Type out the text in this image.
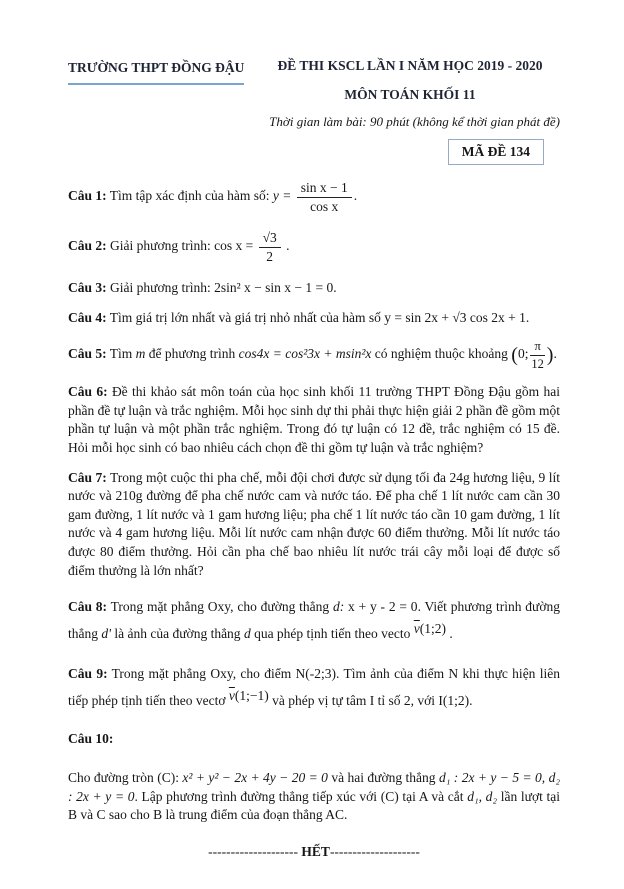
TRƯỜNG THPT ĐỒNG ĐẬU	ĐỀ THI KSCL LẦN I NĂM HỌC 2019 - 2020
MÔN TOÁN KHỐI 11
Thời gian làm bài: 90 phút (không kể thời gian phát đề)
MÃ ĐỀ 134

Câu 1: Tìm tập xác định của hàm số: $y = \frac{\text{sin x − 1}}{\text{cos x}}$ .

Câu 2: Giải phương trình: $\cos x = \frac{√3}{2}$ .

Câu 3: Giải phương trình: 2sin² x − sin x − 1 = 0.

Câu 4: Tìm giá trị lớn nhất và giá trị nhỏ nhất của hàm số y = sin 2x + √3 cos 2x + 1.

Câu 5: Tìm m để phương trình cos4x = cos²3x + msin²x có nghiệm thuộc khoảng (0; $\frac{\pi}{12}$ ).

Câu 6: Đề thi khảo sát môn toán của học sinh khối 11 trường THPT Đồng Đậu gồm hai phần đề tự luận và trắc nghiệm. Mỗi học sinh dự thi phải thực hiện giải 2 phần đề gồm một phần tự luận và một phần trắc nghiệm. Trong đó tự luận có 12 đề, trắc nghiệm có 15 đề. Hỏi mỗi học sinh có bao nhiêu cách chọn đề thi gồm tự luận và trắc nghiệm?

Câu 7: Trong một cuộc thi pha chế, mỗi đội chơi được sử dụng tối đa 24g hương liệu, 9 lít nước và 210g đường để pha chế nước cam và nước táo. Để pha chế 1 lít nước cam cần 30 gam đường, 1 lít nước và 1 gam hương liệu; pha chế 1 lít nước táo cần 10 gam đường, 1 lít nước và 4 gam hương liệu. Mỗi lít nước cam nhận được 60 điểm thưởng. Mỗi lít nước táo được 80 điểm thưởng. Hỏi cần pha chế bao nhiêu lít nước trái cây mỗi loại để được số điểm thưởng là lớn nhất?

Câu 8: Trong mặt phẳng Oxy, cho đường thẳng d: x + y - 2 = 0. Viết phương trình đường thẳng d' là ảnh của đường thẳng d qua phép tịnh tiến theo vecto $\overline{v}(1;2)$ .

Câu 9: Trong mặt phẳng Oxy, cho điểm N(-2;3). Tìm ảnh của điểm N khi thực hiện liên tiếp phép tịnh tiến theo vectơ $\overline{v}(1;-1)$ và phép vị tự tâm I tỉ số 2, với I(1;2).

Câu 10:

Cho đường tròn (C): x² + y² − 2x + 4y − 20 = 0 và hai đường thẳng d₁ : 2x + y − 5 = 0, d₂ : 2x + y = 0. Lập phương trình đường thẳng tiếp xúc với (C) tại A và cắt d₁, d₂ lần lượt tại B và C sao cho B là trung điểm của đoạn thẳng AC.

-------------------- HẾT--------------------
